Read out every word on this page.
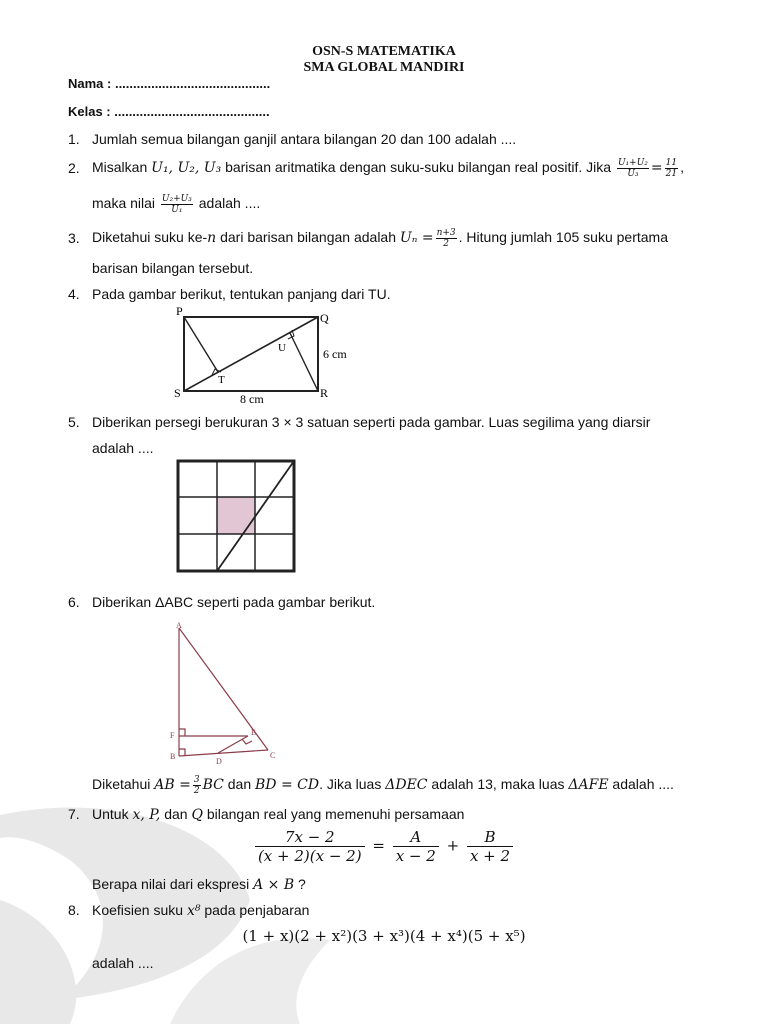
OSN-S MATEMATIKA
SMA GLOBAL MANDIRI
Nama : ...........................................
Kelas : ...........................................
1. Jumlah semua bilangan ganjil antara bilangan 20 dan 100 adalah ....
2. Misalkan U₁, U₂, U₃ barisan aritmatika dengan suku-suku bilangan real positif. Jika $\frac{\text{U₁+U₂}}{\text{U₃}} = \frac{11}{21}$ ,
maka nilai $\frac{\text{U₂+U₃}}{\text{U₁}}$ adalah ....
3. Diketahui suku ke-n dari barisan bilangan adalah $U_n = \frac{n+3}{2}$ . Hitung jumlah 105 suku pertama
barisan bilangan tersebut.
4. Pada gambar berikut, tentukan panjang dari TU.
P	Q
R
S
T
U	6 cm
8 cm
5. Diberikan persegi berukuran 3 × 3 satuan seperti pada gambar. Luas segilima yang diarsir
adalah ....
6. Diberikan ΔABC seperti pada gambar berikut.
A
B	C
D
E
F
Diketahui AB = $\frac{3}{2}$ BC dan BD = CD. Jika luas ΔDEC adalah 13, maka luas ΔAFE adalah ....
7. Untuk x, P, dan Q bilangan real yang memenuhi persamaan
$\frac{7x - 2}{(x + 2)(x - 2)} = \frac{A}{x - 2} + \frac{B}{x + 2}$
Berapa nilai dari ekspresi A × B ?
8. Koefisien suku x⁸ pada penjabaran
(1 + x)(2 + x²)(3 + x³)(4 + x⁴)(5 + x⁵)
adalah ....
